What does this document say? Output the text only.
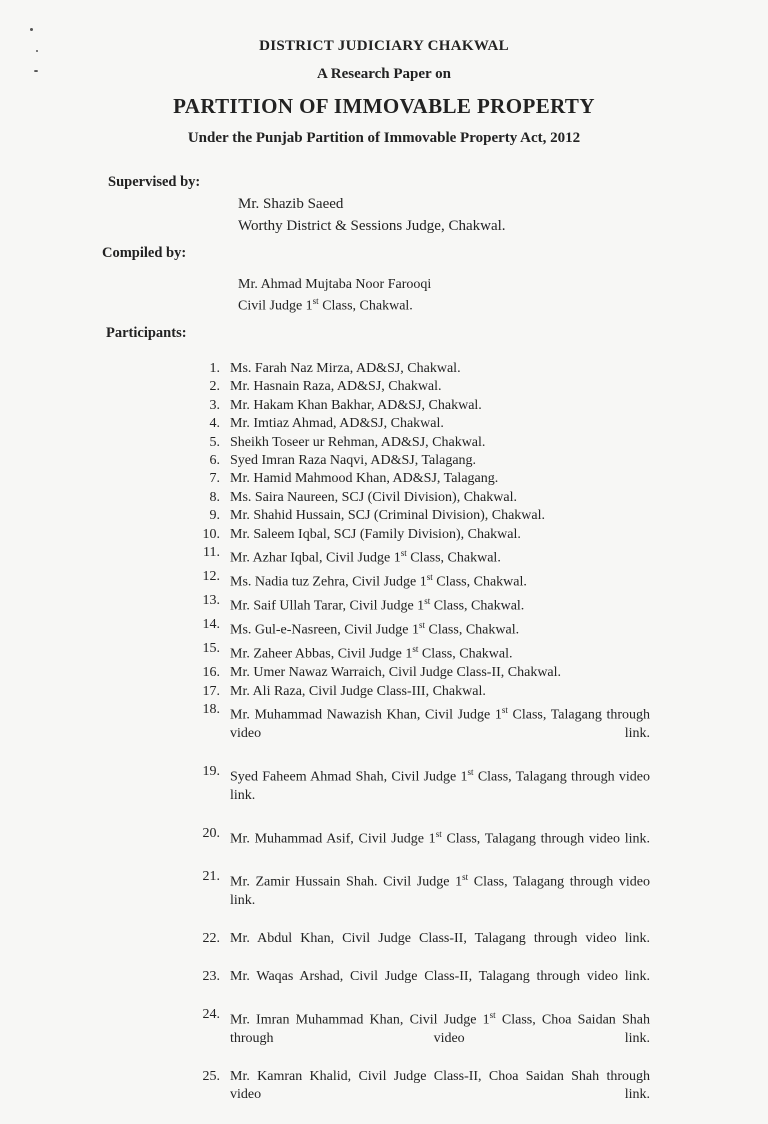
DISTRICT JUDICIARY CHAKWAL
A Research Paper on
PARTITION OF IMMOVABLE PROPERTY
Under the Punjab Partition of Immovable Property Act, 2012
Supervised by:
Mr. Shazib Saeed
Worthy District & Sessions Judge, Chakwal.
Compiled by:
Mr. Ahmad Mujtaba Noor Farooqi
Civil Judge 1st Class, Chakwal.
Participants:
1. Ms. Farah Naz Mirza, AD&SJ, Chakwal.
2. Mr. Hasnain Raza, AD&SJ, Chakwal.
3. Mr. Hakam Khan Bakhar, AD&SJ, Chakwal.
4. Mr. Imtiaz Ahmad, AD&SJ, Chakwal.
5. Sheikh Toseer ur Rehman, AD&SJ, Chakwal.
6. Syed Imran Raza Naqvi, AD&SJ, Talagang.
7. Mr. Hamid Mahmood Khan, AD&SJ, Talagang.
8. Ms. Saira Naureen, SCJ (Civil Division), Chakwal.
9. Mr. Shahid Hussain, SCJ (Criminal Division), Chakwal.
10. Mr. Saleem Iqbal, SCJ (Family Division), Chakwal.
11. Mr. Azhar Iqbal, Civil Judge 1st Class, Chakwal.
12. Ms. Nadia tuz Zehra, Civil Judge 1st Class, Chakwal.
13. Mr. Saif Ullah Tarar, Civil Judge 1st Class, Chakwal.
14. Ms. Gul-e-Nasreen, Civil Judge 1st Class, Chakwal.
15. Mr. Zaheer Abbas, Civil Judge 1st Class, Chakwal.
16. Mr. Umer Nawaz Warraich, Civil Judge Class-II, Chakwal.
17. Mr. Ali Raza, Civil Judge Class-III, Chakwal.
18. Mr. Muhammad Nawazish Khan, Civil Judge 1st Class, Talagang through video link.
19. Syed Faheem Ahmad Shah, Civil Judge 1st Class, Talagang through video link.
20. Mr. Muhammad Asif, Civil Judge 1st Class, Talagang through video link.
21. Mr. Zamir Hussain Shah. Civil Judge 1st Class, Talagang through video link.
22. Mr. Abdul Khan, Civil Judge Class-II, Talagang through video link.
23. Mr. Waqas Arshad, Civil Judge Class-II, Talagang through video link.
24. Mr. Imran Muhammad Khan, Civil Judge 1st Class, Choa Saidan Shah through video link.
25. Mr. Kamran Khalid, Civil Judge Class-II, Choa Saidan Shah through video link.
